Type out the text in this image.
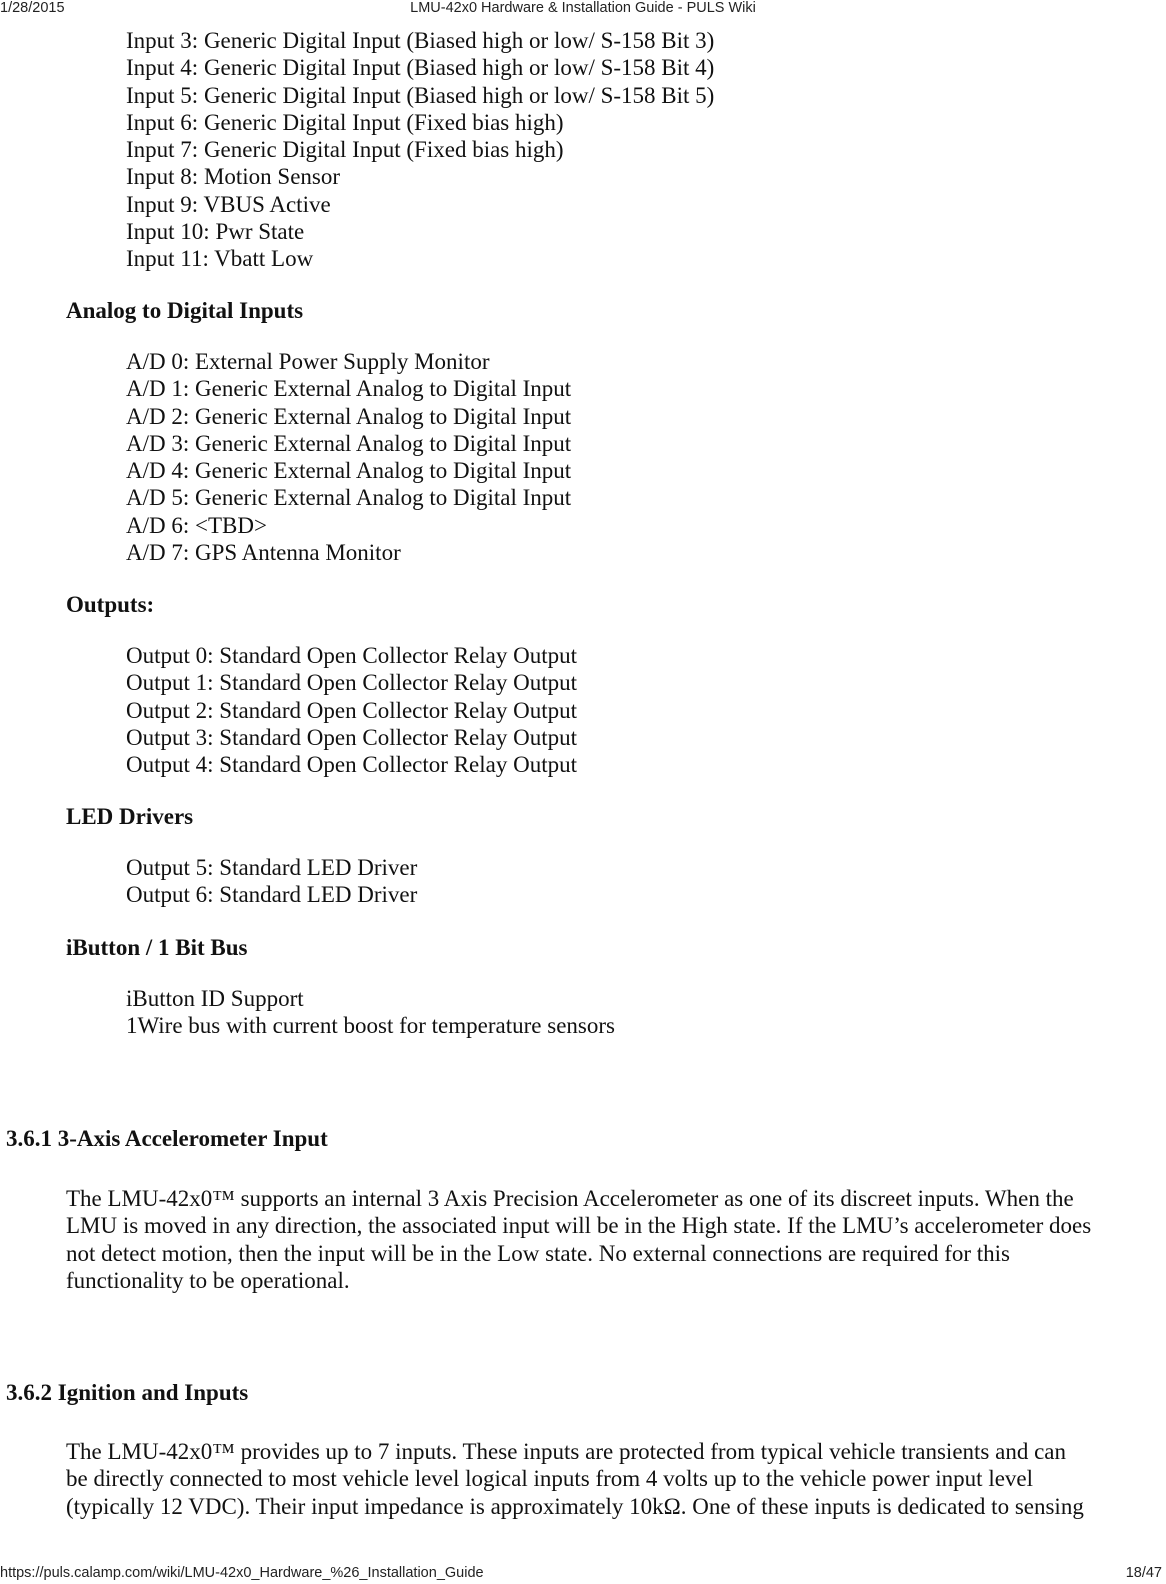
1/28/2015	LMU-42x0 Hardware & Installation Guide - PULS Wiki
Input 3: Generic Digital Input (Biased high or low/ S-158 Bit 3)
Input 4: Generic Digital Input (Biased high or low/ S-158 Bit 4)
Input 5: Generic Digital Input (Biased high or low/ S-158 Bit 5)
Input 6: Generic Digital Input (Fixed bias high)
Input 7: Generic Digital Input (Fixed bias high)
Input 8: Motion Sensor
Input 9: VBUS Active
Input 10: Pwr State
Input 11: Vbatt Low
Analog to Digital Inputs
A/D 0: External Power Supply Monitor
A/D 1: Generic External Analog to Digital Input
A/D 2: Generic External Analog to Digital Input
A/D 3: Generic External Analog to Digital Input
A/D 4: Generic External Analog to Digital Input
A/D 5: Generic External Analog to Digital Input
A/D 6: <TBD>
A/D 7: GPS Antenna Monitor
Outputs:
Output 0: Standard Open Collector Relay Output
Output 1: Standard Open Collector Relay Output
Output 2: Standard Open Collector Relay Output
Output 3: Standard Open Collector Relay Output
Output 4: Standard Open Collector Relay Output
LED Drivers
Output 5: Standard LED Driver
Output 6: Standard LED Driver
iButton / 1 Bit Bus
iButton ID Support
1Wire bus with current boost for temperature sensors
3.6.1 3-Axis Accelerometer Input
The LMU-42x0™ supports an internal 3 Axis Precision Accelerometer as one of its discreet inputs. When the
LMU is moved in any direction, the associated input will be in the High state. If the LMU’s accelerometer does
not detect motion, then the input will be in the Low state. No external connections are required for this
functionality to be operational.
3.6.2 Ignition and Inputs
The LMU-42x0™ provides up to 7 inputs. These inputs are protected from typical vehicle transients and can
be directly connected to most vehicle level logical inputs from 4 volts up to the vehicle power input level
(typically 12 VDC). Their input impedance is approximately 10kΩ. One of these inputs is dedicated to sensing
https://puls.calamp.com/wiki/LMU-42x0_Hardware_%26_Installation_Guide	18/47
